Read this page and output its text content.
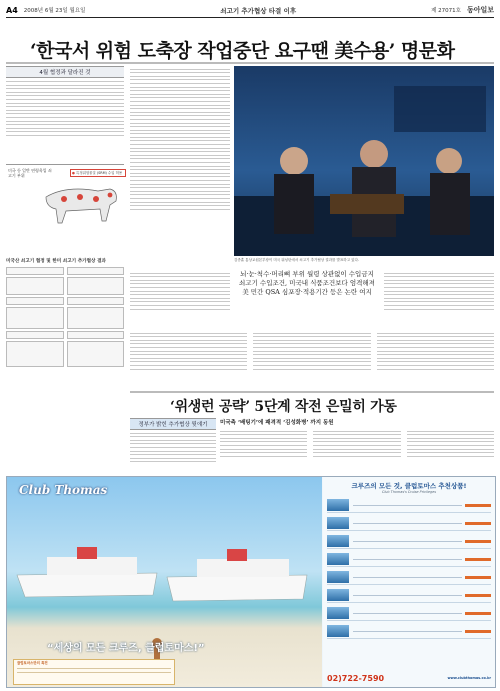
A4 2008년 6월 23일 월요일	쇠고기 추가협상 타결 이후	제 27071호 동아일보
‘한국서 위험 도축장 작업중단 요구땐 美수용’ 명문화
4월 협정과 달라진 것
미국 등 일반 연령육입 쇠고기 부위	● 특정위험물질 (SRM) 수입 허용
미국산 쇠고기 협정 및 한미 쇠고기 추가협상 결과

	김종훈 통상교섭본부장이 미국 워싱턴에서 쇠고기 추가협상 결과를 발표하고 있다.
뇌·눈·척수·머리뼈 부위 월령 상관없이 수입금지
쇠고기 수입조건, 미국내 식품조건보다 엄격해져
美 민간 QSA 심포장·적용기간 등은 논란 여지
‘위생런 공략’ 5단계 작전 은밀히 가동
미국측 ‘배팅기’에 패격적 ‘김성화병’ 까지 동원
정부가 밝힌 추가협상 뒷얘기
Club Thomas
“세상의 모든 크루즈, 클럽토마스!”
클럽토마스만의 특전
크루즈의 모든 것, 클럽토마스 추천상품!
Club Thomas's Cruise Privileges
02)722-7590	www.clubthomas.co.kr
